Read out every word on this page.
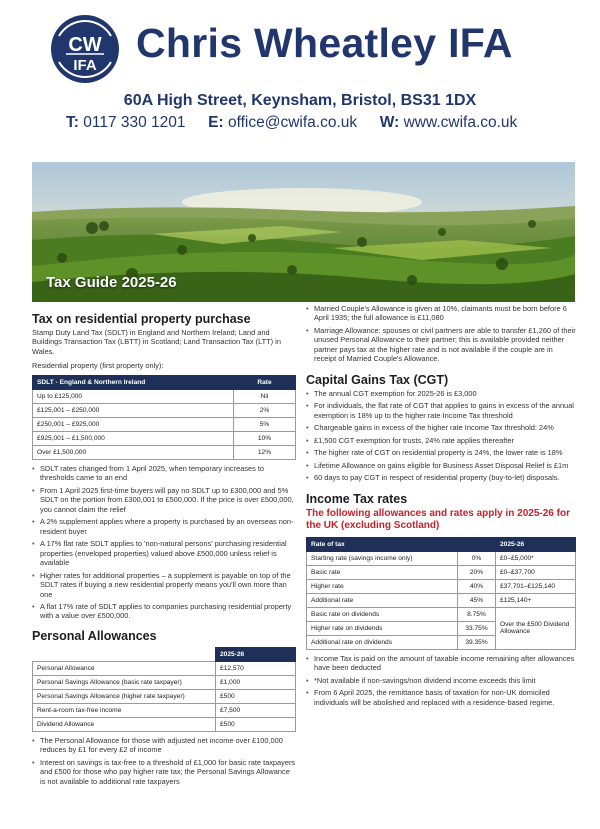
CW
IFA Chris Wheatley IFA
60A High Street, Keynsham, Bristol, BS31 1DX
T: 0117 330 1201 E: office@cwifa.co.uk W: www.cwifa.co.uk
Tax Guide 2025-26
Tax on residential property purchase

Stamp Duty Land Tax (SDLT) in England and Northern Ireland; Land and Buildings Transaction Tax (LBTT) in Scotland; Land Transaction Tax (LTT) in Wales.

Residential property (first property only):

SDLT - England & Northern Ireland	Rate
Up to £125,000	Nil
£125,001 – £250,000	2%
£250,001 – £925,000	5%
£925,001 – £1,500,000	10%
Over £1,500,000	12%
• SDLT rates changed from 1 April 2025, when temporary increases to thresholds came to an end
• From 1 April 2025 first-time buyers will pay no SDLT up to £300,000 and 5% SDLT on the portion from £300,001 to £500,000. If the price is over £500,000, you cannot claim the relief
• A 2% supplement applies where a property is purchased by an overseas non-resident buyer
• A 17% flat rate SDLT applies to 'non-natural persons' purchasing residential properties (enveloped properties) valued above £500,000 unless relief is available
• Higher rates for additional properties – a supplement is payable on top of the SDLT rates if buying a new residential property means you'll own more than one
• A flat 17% rate of SDLT applies to companies purchasing residential property with a value over £500,000.
Personal Allowances
	2025-26
Personal Allowance	£12,570
Personal Savings Allowance (basic rate taxpayer)	£1,000
Personal Savings Allowance (higher rate taxpayer)	£500
Rent-a-room tax-free income	£7,500
Dividend Allowance	£500
• The Personal Allowance for those with adjusted net income over £100,000 reduces by £1 for every £2 of income
• Interest on savings is tax-free to a threshold of £1,000 for basic rate taxpayers and £500 for those who pay higher rate tax; the Personal Savings Allowance is not available to additional rate taxpayers
• Married Couple's Allowance is given at 10%, claimants must be born before 6 April 1935; the full allowance is £11,080
• Marriage Allowance: spouses or civil partners are able to transfer £1,260 of their unused Personal Allowance to their partner; this is available provided neither partner pays tax at the higher rate and is not available if the couple are in receipt of Married Couple's Allowance.
Capital Gains Tax (CGT)
• The annual CGT exemption for 2025-26 is £3,000
• For individuals, the flat rate of CGT that applies to gains in excess of the annual exemption is 18% up to the higher rate Income Tax threshold
• Chargeable gains in excess of the higher rate Income Tax threshold: 24%
• £1,500 CGT exemption for trusts, 24% rate applies thereafter
• The higher rate of CGT on residential property is 24%, the lower rate is 18%
• Lifetime Allowance on gains eligible for Business Asset Disposal Relief is £1m
• 60 days to pay CGT in respect of residential property (buy-to-let) disposals.
Income Tax rates

The following allowances and rates apply in 2025-26 for the UK (excluding Scotland)

Rate of tax		2025-26
Starting rate (savings income only)	0%	£0–£5,000*
Basic rate	20%	£0–£37,700
Higher rate	40%	£37,701–£125,140
Additional rate	45%	£125,140+
Basic rate on dividends	8.75%	Over the £500 Dividend Allowance
Higher rate on dividends	33.75%	
Additional rate on dividends	39.35%	
• Income Tax is paid on the amount of taxable income remaining after allowances have been deducted
• *Not available if non-savings/non dividend income exceeds this limit
• From 6 April 2025, the remittance basis of taxation for non-UK domiciled individuals will be abolished and replaced with a residence-based regime.
